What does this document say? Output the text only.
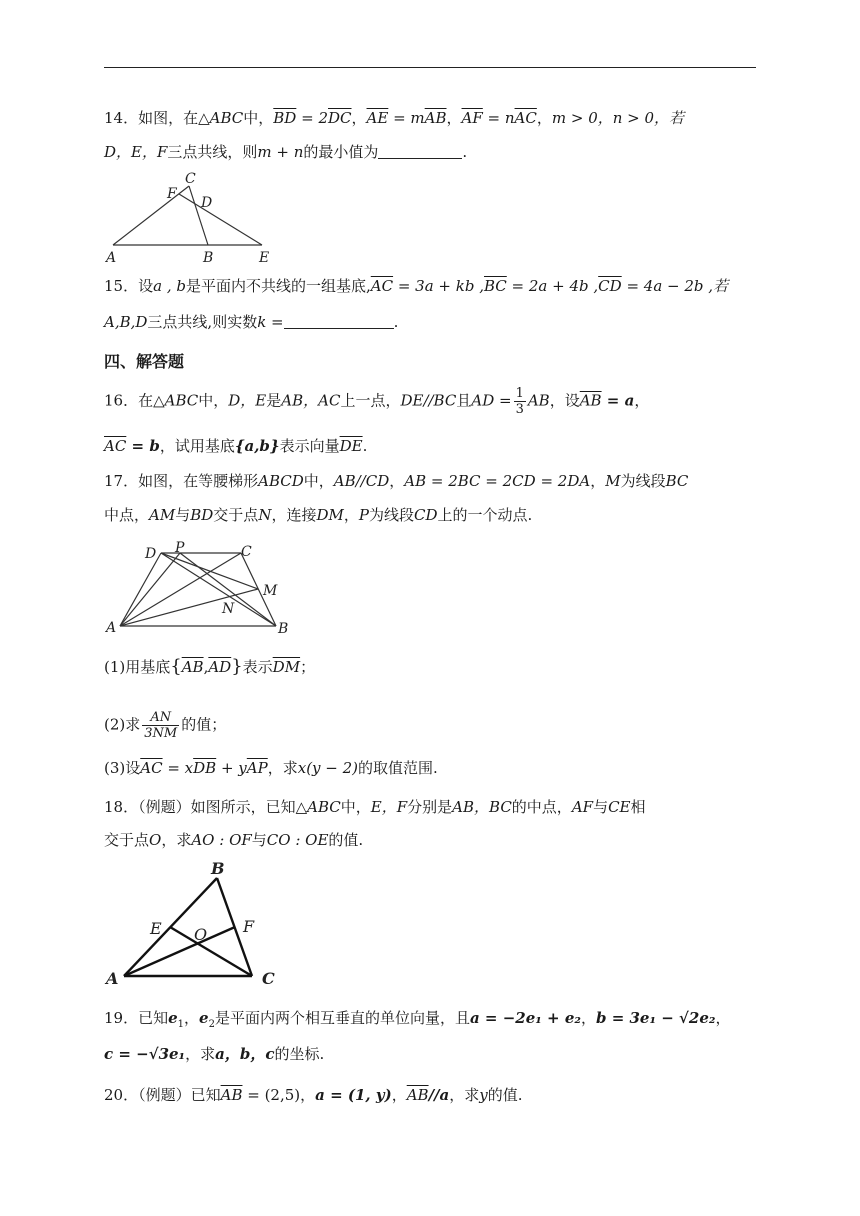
14．如图，在△ABC中，$\overline{BD} = 2\overline{DC}$，$\overline{AE} = m\overline{AB}$，$\overline{AF} = n\overline{AC}$，m > 0，n > 0，若
D，E，F三点共线，则m + n的最小值为	.
F
C
D
A	B	E
15．设a , b是平面内不共线的一组基底$,\overline{AC} = 3a$ + kb $,\overline{BC} = 2a + 4b$ $,\overline{CD} = 4a - 2b$ ,若
A,B,D三点共线,则实数k =	.
四、解答题
16．在△ABC中，D，E是AB，AC上一点，DE//BC且AD = $\frac{1}{3}$ AB，设$\overline{AB} = a$，
$\overline{AC} = b$，试用基底{a,b}表示向量$\overline{DE}$.
17．如图，在等腰梯形ABCD中，AB//CD，AB = 2BC = 2CD = 2DA，M为线段BC
中点，AM与BD交于点N，连接DM，P为线段CD上的一个动点.
D P	C
M
N
A	B
(1)用基底$\{\overline{AB},\overline{AD}\}$表示$\overline{DM}$；
(2)求 $\frac{AN}{3NM}$ 的值；
(3)设$\overline{AC} = x\overline{DB} + y\overline{AP}$，求x(y − 2)的取值范围.
18．（例题）如图所示，已知△ABC中，E，F分别是AB，BC的中点，AF与CE相
交于点O，求AO : OF与CO : OE的值.
B
E	F
O
A	C
19．已知$e_1$，$e_2$是平面内两个相互垂直的单位向量，且a = −2e₁ + e₂，b = 3e₁ − √2e₂，
c = −√3e₁，求a，b，c的坐标.
20．（例题）已知$\overline{AB} = (2,5)$，a = (1, y)，$\overline{AB}//a$，求y的值.
